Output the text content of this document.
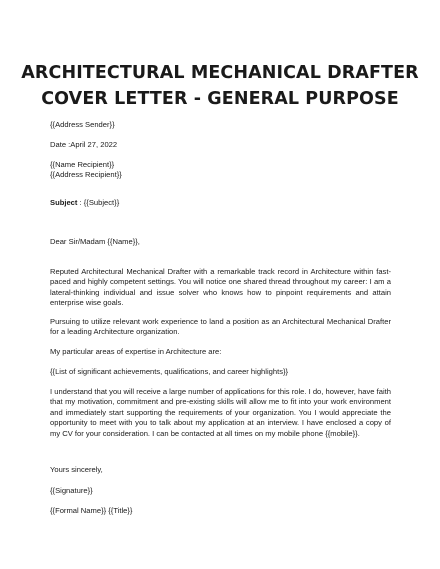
ARCHITECTURAL MECHANICAL DRAFTER
COVER LETTER - GENERAL PURPOSE
{{Address Sender}}
Date :April 27, 2022
{{Name Recipient}}
{{Address Recipient}}
Subject : {{Subject}}
Dear Sir/Madam {{Name}},
Reputed Architectural Mechanical Drafter with a remarkable track record in Architecture within fast-paced and highly competent settings. You will notice one shared thread throughout my career: I am a lateral-thinking individual and issue solver who knows how to pinpoint requirements and attain enterprise wise goals.
Pursuing to utilize relevant work experience to land a position as an Architectural Mechanical Drafter for a leading Architecture organization.
My particular areas of expertise in Architecture are:
{{List of significant achievements, qualifications, and career highlights}}
I understand that you will receive a large number of applications for this role. I do, however, have faith that my motivation, commitment and pre-existing skills will allow me to fit into your work environment and immediately start supporting the requirements of your organization. You I would appreciate the opportunity to meet with you to talk about my application at an interview. I have enclosed a copy of my CV for your consideration. I can be contacted at all times on my mobile phone {{mobile}}.
Yours sincerely,
{{Signature}}
{{Formal Name}} {{Title}}
